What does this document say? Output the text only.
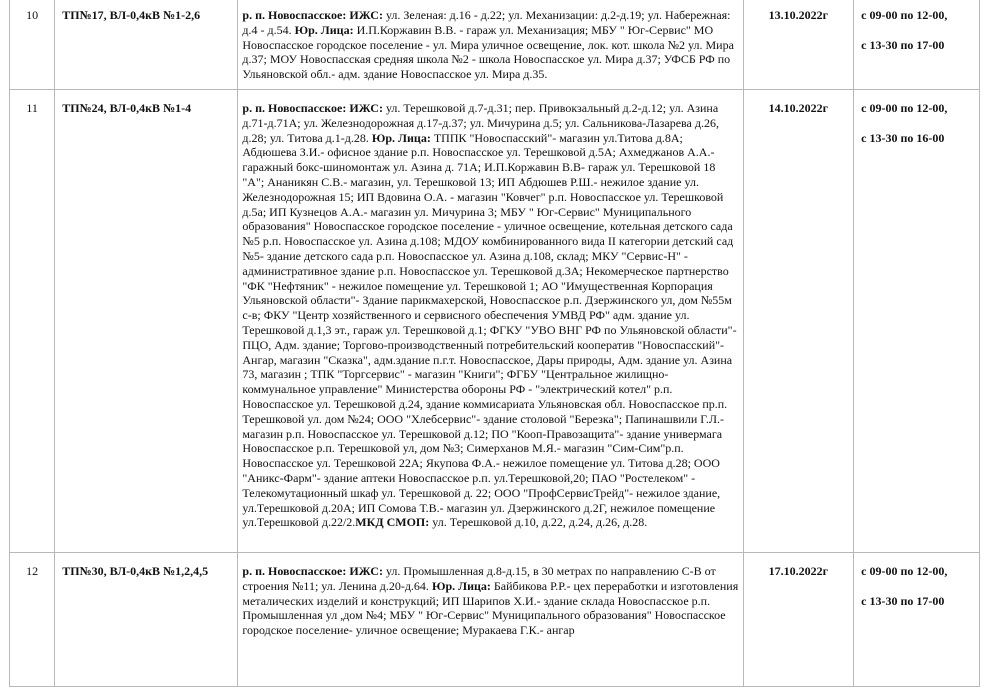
10	ТП№17, ВЛ-0,4кВ №1-2,6	р. п. Новоспасское: ИЖС: ул. Зеленая: д.16 - д.22; ул. Механизации: д.2-д.19; ул. Набережная: д.4 - д.54. Юр. Лица: И.П.Коржавин В.В. - гараж ул. Механизация; МБУ " Юг-Сервис" МО Новоспасское городское поселение - ул. Мира уличное освещение, лок. кот. школа №2 ул. Мира д.37; МОУ Новоспасская средняя школа №2 - школа Новоспасское ул. Мира д.37; УФСБ РФ по Ульяновской обл.- адм. здание Новоспасское ул. Мира д.35.	13.10.2022г	с 09-00 по 12-00,
с 13-30 по 17-00

11	ТП№24, ВЛ-0,4кВ №1-4	р. п. Новоспасское: ИЖС: ул. Терешковой д.7-д.31; пер. Привокзальный д.2-д.12; ул. Азина д.71-д.71А; ул. Железнодорожная д.17-д.37; ул. Мичурина д.5; ул. Сальникова-Лазарева д.26, д.28; ул. Титова д.1-д.28. Юр. Лица: ТППК "Новоспасский"- магазин ул.Титова д.8А; Абдюшева З.И.- офисное здание р.п. Новоспасское ул. Терешковой д.5А; Ахмеджанов А.А.- гаражный бокс-шиномонтаж ул. Азина д. 71А; И.П.Коржавин В.В- гараж ул. Терешковой 18 "А"; Ананикян С.В.- магазин, ул. Терешковой 13; ИП Абдюшев Р.Ш.- нежилое здание ул. Железнодорожная 15; ИП Вдовина О.А. - магазин "Ковчег" р.п. Новоспасское ул. Терешковой д.5а; ИП Кузнецов А.А.- магазин ул. Мичурина 3; МБУ " Юг-Сервис" Муниципального образования" Новоспасское городское поселение - уличное освещение, котельная детского сада №5 р.п. Новоспасское ул. Азина д.108; МДОУ комбинированного вида II категории детский сад №5- здание детского сада р.п. Новоспасское ул. Азина д.108, склад; МКУ "Сервис-Н" - административное здание р.п. Новоспасское ул. Терешковой д.3А; Некомерческое партнерство "ФК "Нефтяник" - нежилое помещение ул. Терешковой 1; АО "Имущественная Корпорация Ульяновской области"- Здание парикмахерской, Новоспасское р.п. Дзержинского ул, дом №55м с-в; ФКУ "Центр хозяйственного и сервисного обеспечения УМВД РФ" адм. здание ул. Терешковой д.1,3 эт., гараж ул. Терешковой д.1; ФГКУ "УВО ВНГ РФ по Ульяновской области"- ПЦО, Адм. здание; Торгово-производственный потребительский кооператив "Новоспасский"- Ангар, магазин "Сказка", адм.здание п.г.т. Новоспасское, Дары природы, Адм. здание ул. Азина 73, магазин ; ТПК "Торгсервис" - магазин "Книги"; ФГБУ "Центральное жилищно-коммунальное управление" Министерства обороны РФ - "электрический котел" р.п. Новоспасское ул. Терешковой д.24, здание коммисариата Ульяновская обл. Новоспасское пр.п. Терешковой ул. дом №24; ООО "Хлебсервис"- здание столовой "Березка"; Папинашвили Г.Л.- магазин р.п. Новоспасское ул. Терешковой д.12; ПО "Кооп-Правозащита"- здание универмага Новоспасское р.п. Терешковой ул, дом №3; Симерханов М.Я.- магазин "Сим-Сим"р.п. Новоспасское ул. Терешковой 22А; Якупова Ф.А.- нежилое помещение ул. Титова д.28; ООО "Аникс-Фарм"- здание аптеки Новоспасское р.п. ул.Терешковой,20; ПАО "Ростелеком" - Телекомутационный шкаф ул. Терешковой д. 22; ООО "ПрофСервисТрейд"- нежилое здание, ул.Терешковой д.20А; ИП Сомова Т.В.- магазин ул. Дзержинского д.2Г, нежилое помещение ул.Терешковой д.22/2.МКД СМОП: ул. Терешковой д.10, д.22, д.24, д.26, д.28.	14.10.2022г	с 09-00 по 12-00,
с 13-30 по 16-00

12	ТП№30, ВЛ-0,4кВ №1,2,4,5	р. п. Новоспасское: ИЖС: ул. Промышленная д.8-д.15, в 30 метрах по направлению С-В от строения №11; ул. Ленина д.20-д.64. Юр. Лица: Байбикова Р.Р.- цех переработки и изготовления металических изделий и конструкций; ИП Шарипов Х.И.- здание склада Новоспасское р.п. Промышленная ул ,дом №4; МБУ " Юг-Сервис" Муниципального образования" Новоспасское городское поселение- уличное освещение; Муракаева Г.К.- ангар	17.10.2022г	с 09-00 по 12-00,
с 13-30 по 17-00
